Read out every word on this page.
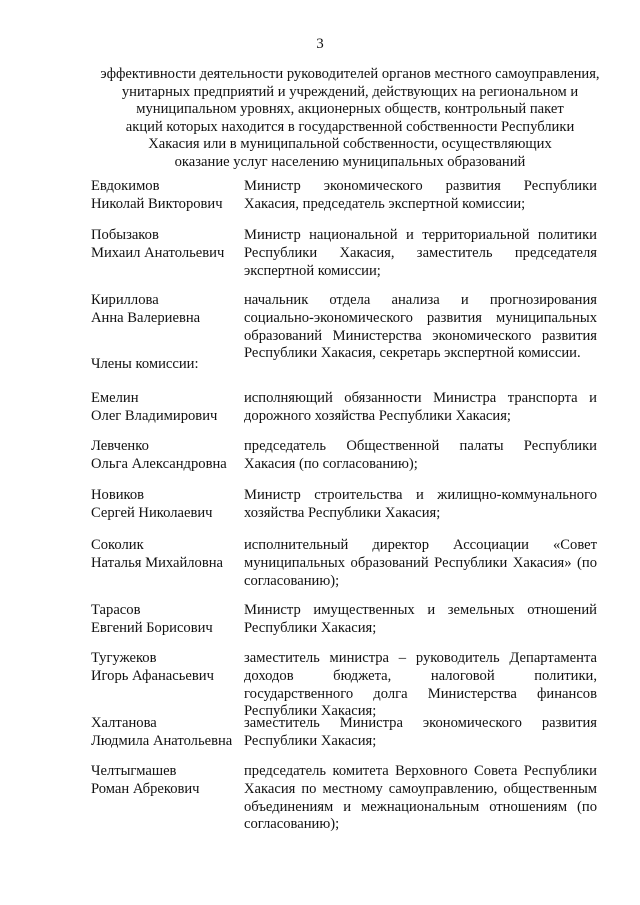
3
эффективности деятельности руководителей органов местного самоуправления,
унитарных предприятий и учреждений, действующих на региональном и
муниципальном уровнях, акционерных обществ, контрольный пакет
акций которых находится в государственной собственности Республики
Хакасия или в муниципальной собственности, осуществляющих
оказание услуг населению муниципальных образований
Евдокимов
Николай Викторович
Министр экономического развития Республики Хакасия, председатель экспертной комиссии;
Побызаков
Михаил Анатольевич
Министр национальной и территориальной политики Республики Хакасия, заместитель председателя экспертной комиссии;
Кириллова
Анна Валериевна
начальник отдела анализа и прогнозирования социально-экономического развития муниципальных образований Министерства экономического развития Республики Хакасия, секретарь экспертной комиссии.
Члены комиссии:
Емелин
Олег Владимирович
исполняющий обязанности Министра транспорта и дорожного хозяйства Республики Хакасия;
Левченко
Ольга Александровна
председатель Общественной палаты Республики Хакасия (по согласованию);
Новиков
Сергей Николаевич
Министр строительства и жилищно-коммунального хозяйства Республики Хакасия;
Соколик
Наталья Михайловна
исполнительный директор Ассоциации «Совет муниципальных образований Республики Хакасия» (по согласованию);
Тарасов
Евгений Борисович
Министр имущественных и земельных отношений Республики Хакасия;
Тугужеков
Игорь Афанасьевич
заместитель министра – руководитель Департамента доходов бюджета, налоговой политики, государственного долга Министерства финансов Республики Хакасия;
Халтанова
Людмила Анатольевна
заместитель Министра экономического развития Республики Хакасия;
Челтыгмашев
Роман Абрекович
председатель комитета Верховного Совета Республики Хакасия по местному самоуправлению, общественным объединениям и межнациональным отношениям (по согласованию);
